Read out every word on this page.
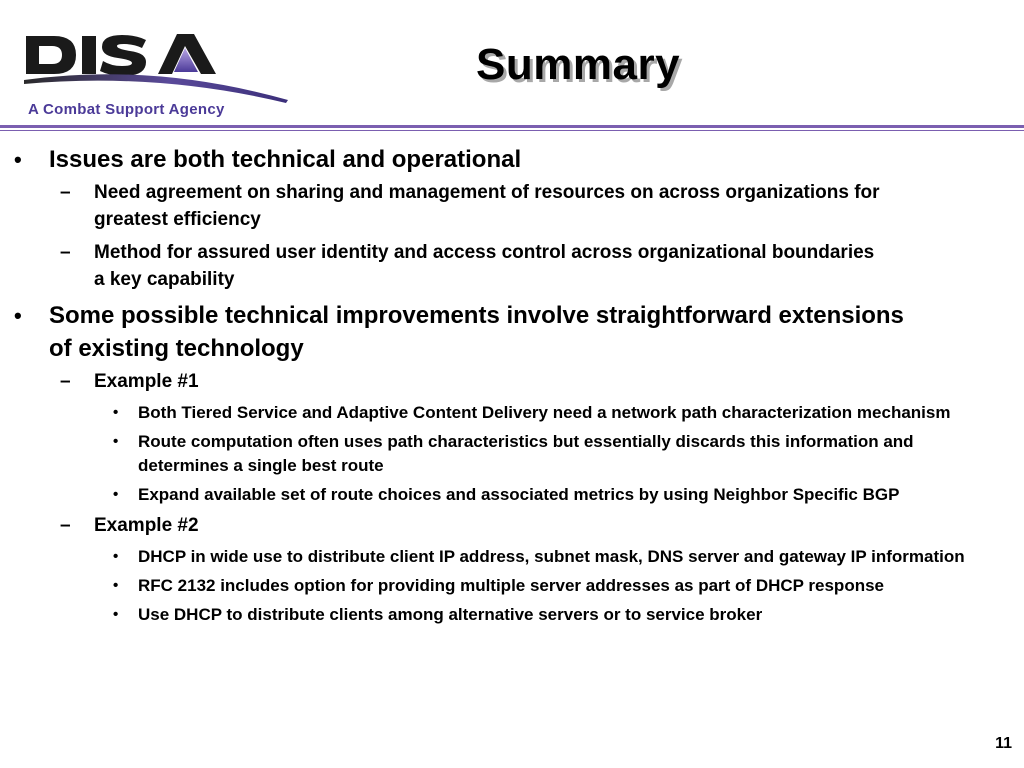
A Combat Support Agency
Summary
• Issues are both technical and operational
– Need agreement on sharing and management of resources on across organizations for greatest efficiency
– Method for assured user identity and access control across organizational boundaries a key capability
• Some possible technical improvements involve straightforward extensions of existing technology
– Example #1
• Both Tiered Service and Adaptive Content Delivery need a network path characterization mechanism
• Route computation often uses path characteristics but essentially discards this information and determines a single best route
• Expand available set of route choices and associated metrics by using Neighbor Specific BGP
– Example #2
• DHCP in wide use to distribute client IP address, subnet mask, DNS server and gateway IP information
• RFC 2132 includes option for providing multiple server addresses as part of DHCP response
• Use DHCP to distribute clients among alternative servers or to service broker
11
